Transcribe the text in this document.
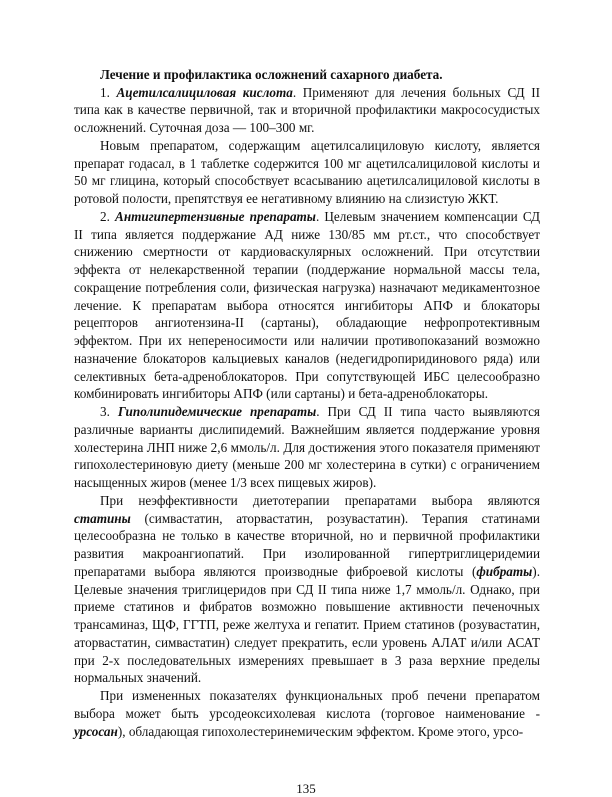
Лечение и профилактика осложнений сахарного диабета.

1. Ацетилсалициловая кислота. Применяют для лечения больных СД II типа как в качестве первичной, так и вторичной профилактики макрососудистых осложнений. Суточная доза — 100–300 мг.

Новым препаратом, содержащим ацетилсалициловую кислоту, является препарат годасал, в 1 таблетке содержится 100 мг ацетилсалициловой кислоты и 50 мг глицина, который способствует всасыванию ацетилсалициловой кислоты в ротовой полости, препятствуя ее негативному влиянию на слизистую ЖКТ.

2. Антигипертензивные препараты. Целевым значением компенсации СД II типа является поддержание АД ниже 130/85 мм рт.ст., что способствует снижению смертности от кардиоваскулярных осложнений. При отсутствии эффекта от нелекарственной терапии (поддержание нормальной массы тела, сокращение потребления соли, физическая нагрузка) назначают медикаментозное лечение. К препаратам выбора относятся ингибиторы АПФ и блокаторы рецепторов ангиотензина-II (сартаны), обладающие нефропротективным эффектом. При их непереносимости или наличии противопоказаний возможно назначение блокаторов кальциевых каналов (недегидропиридинового ряда) или селективных бета-адреноблокаторов. При сопутствующей ИБС целесообразно комбинировать ингибиторы АПФ (или сартаны) и бета-адреноблокаторы.

3. Гиполипидемические препараты. При СД II типа часто выявляются различные варианты дислипидемий. Важнейшим является поддержание уровня холестерина ЛНП ниже 2,6 ммоль/л. Для достижения этого показателя применяют гипохолестериновую диету (меньше 200 мг холестерина в сутки) с ограничением насыщенных жиров (менее 1/3 всех пищевых жиров).

При неэффективности диетотерапии препаратами выбора являются статины (симвастатин, аторвастатин, розувастатин). Терапия статинами целесообразна не только в качестве вторичной, но и первичной профилактики развития макроангиопатий. При изолированной гипертриглицеридемии препаратами выбора являются производные фиброевой кислоты (фибраты). Целевые значения триглицеридов при СД II типа ниже 1,7 ммоль/л. Однако, при приеме статинов и фибратов возможно повышение активности печеночных трансаминаз, ЩФ, ГГТП, реже желтуха и гепатит. Прием статинов (розувастатин, аторвастатин, симвастатин) следует прекратить, если уровень АЛАТ и/или АСАТ при 2-х последовательных измерениях превышает в 3 раза верхние пределы нормальных значений.

При измененных показателях функциональных проб печени препаратом выбора может быть урсодеоксихолевая кислота (торговое наименование - урсосан), обладающая гипохолестеринемическим эффектом. Кроме этого, урсо-

135
